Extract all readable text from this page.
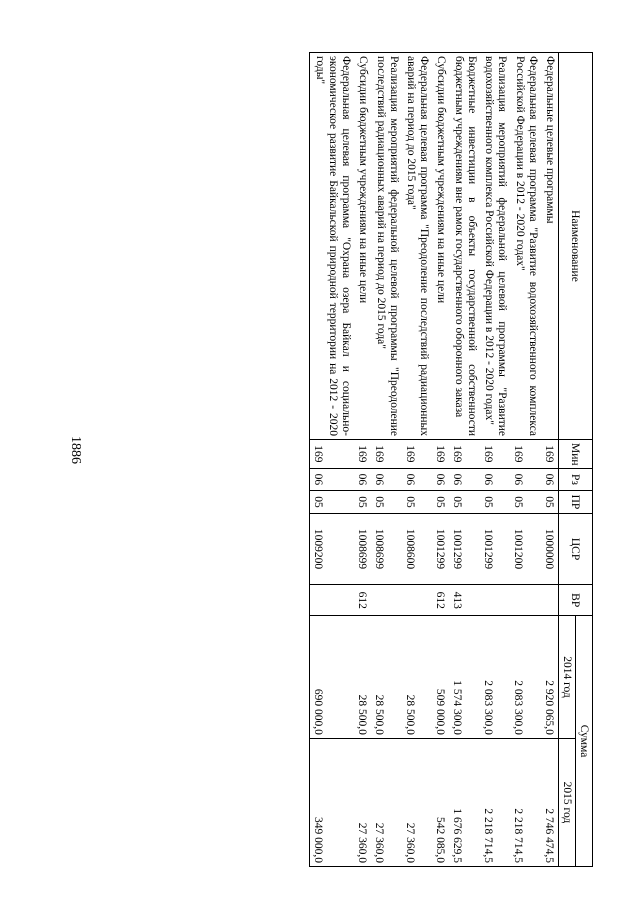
1886
Наименование	Мин	Рз	ПР	ЦСР	ВР	Сумма	
						2014 год	2015 год
Федеральные целевые программы	169	06	05	1000000		2 920 065,0	2 746 474,5
Федеральная целевая программа "Развитие водохозяйственного комплекса Российской Федерации в 2012 - 2020 годах"	169	06	05	1001200		2 083 300,0	2 218 714,5
Реализация мероприятий федеральной целевой программы "Развитие водохозяйственного комплекса Российской Федерации в 2012 - 2020 годах"	169	06	05	1001299		2 083 300,0	2 218 714,5
Бюджетные инвестиции в объекты государственной собственности бюджетным учреждениям вне рамок государственного оборонного заказа	169	06	05	1001299	413	1 574 300,0	1 676 629,5
Субсидии бюджетным учреждениям на иные цели	169	06	05	1001299	612	509 000,0	542 085,0
Федеральная целевая программа "Преодоление последствий радиационных аварий на период до 2015 года"	169	06	05	1008600		28 500,0	27 360,0
Реализация мероприятий федеральной целевой программы "Преодоление последствий радиационных аварий на период до 2015 года"	169	06	05	1008699		28 500,0	27 360,0
Субсидии бюджетным учреждениям на иные цели	169	06	05	1008699	612	28 500,0	27 360,0
Федеральная целевая программа "Охрана озера Байкал и социально-экономическое развитие Байкальской природной территории на 2012 - 2020 годы"	169	06	05	1009200		690 000,0	349 000,0
